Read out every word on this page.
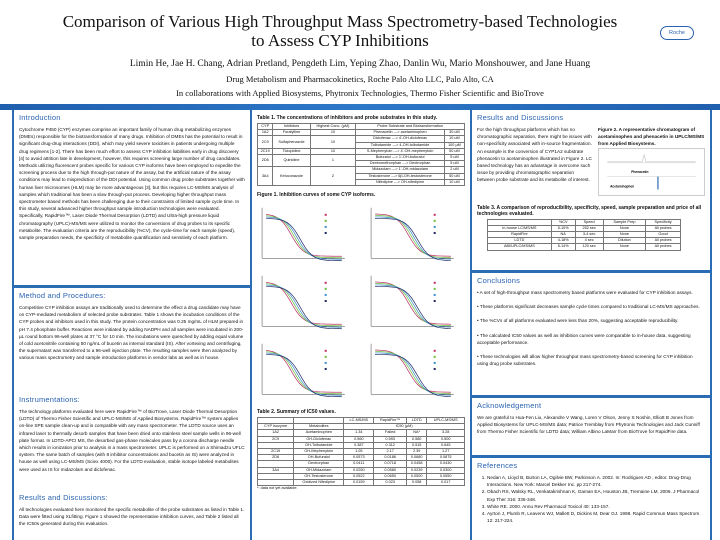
Comparison of Various High Throughput Mass Spectrometry-based Technologies to Assess CYP Inhibitions	Roche
Limin He, Jae H. Chang, Adrian Pretland, Pengdeth Lim, Yeping Zhao, Danlin Wu, Mario Monshouwer, and Jane Huang
Drug Metabolism and Pharmacokinetics, Roche Palo Alto LLC, Palo Alto, CA
In collaborations with Applied Biosystems, Phytronix Technologies, Thermo Fisher Scientific and BioTrove
Introduction

Cytochrome P450 (CYP) enzymes comprise an important family of human drug metabolizing enzymes (DMEs) responsible for the biotransformation of many drugs. Inhibition of DMEs has the potential to result in significant drug-drug interactions (DDI), which may yield severe toxicities in patients undergoing multiple drug regimens [1-2]. There has been much effort to assess CYP inhibition liabilities early in drug discovery [4] to avoid attrition late in development, however, this requires screening large number of drug candidates. Methods utilizing fluorescent probes specific for various CYP isoforms have been employed to expedite the screening process due to the high through-put nature of the assay, but the artificial nature of the assay conditions may lead to misprediction of the DDI potential. Using common drug probe substrates together with human liver microsomes (HLM) may be more advantageous [3], but this requires LC-MS/MS analysis of samples which traditional has been a slow through-put process. Developing higher throughput mass spectrometer based methods has been challenging due to their constraints of limited sample cycle time. In this study, several advanced higher throughput sample introduction technologies were evaluated. Specifically, RapidFire™, Laser Diode Thermal Desorption (LDTD) and Ultra-high pressure liquid chromatography (UPLC)-MS/MS were utilized to monitor the conversions of drug probes to its specific metabolite. The evaluation criteria are the reproducibility (%CV), the cycle-time for each sample (speed), sample preparation needs, the specificity of metabolite quantification and sensitivity of each platform.

Method and Procedures:

Competitive CYP inhibition assays are traditionally used to determine the effect a drug candidate may have on CYP-mediated metabolism of selected probe substrates. Table 1 shows the incubation conditions of the CYP probes and inhibitors used in this study. The protein concentration was 0.25 mg/mL of HLM prepared in pH 7.4 phosphate buffer. Reactions were initiated by adding NADPH and all samples were incubated in 200-µL round bottom 96-well plates at 37 °C for 10 min. The incubations were quenched by adding equal volume of cold acetonitrile containing 50 ng/mL of bucetin as internal standard (IS). After vortexing and centrifuging, the supernatant was transferred to a 96-well injection plate. The resulting samples were then analyzed by various mass spectrometry and sample introduction platforms in vendor labs as well as in house.

Instrumentations:

The technology platforms evaluated here were RapidFire™ of BioTrove, Laser Diode Thermal Desorption (LDTD) of Thermo Fisher Scientific and UPLC-MS/MS of Applied Biosystems. RapidFire™ system applies on-line SPE sample clean-up and is compatible with any mass spectrometer. The LDTD source uses an infrared laser to thermally desorb samples that have been dried onto stainless steel sample wells in 96-well plate format. In LDTD-APCI MS, the desorbed gas-phase molecules pass by a corona discharge needle which results in ionization prior to analysis in a mass spectrometer. UPLC is performed on a Shimadzu UFLC system. The same batch of samples (with 8 inhibitor concentrations and bucetin as IS) were analyzed in house as well using LC-MS/MS (Sciex 4000). For the LDTD evaluation, stable isotope labeled metabolites were used as IS for midazolam and diclofenac.

Results and Discussions:

All technologies evaluated here monitored the specific metabolite of the probe substrates as listed in Table 1. Data were fitted using XLfitting. Figure 1 showed the representative inhibition curves, and Table 2 listed all the IC50s generated during this evaluation.

Table 1. The concentrations of inhibitors and probe substrates in this study.
CYP	Inhibitors	Highest Conc. (µM)	Probe Substrate and Biotransformation	
1A2	Furafylline	10	Phenacetin ---> acetaminophen	30 uM
2C9	Sulfaphenazole	10	Diclofenac ---> 4'-OH-diclofenac	10 uM
			Tolbutamide ---> 4-OH-tolbutamide	100 µM
2C19	Ticlopidine	10	S-Mephenytoin ---> 4'-OH-mephenytoin	50 uM
2D6	Quinidine	1	Bufuralol ---> 1'-OH-bufuralol	5 uM
			Dextromethorphan ---> Dextrorphan	5 uM
3A4	Ketoconazole	2	Midazolam ---> 1'-OH-midazolam	2 uM
			Testosterone ---> 6β-OH-testosterone	50 uM
			Nifedipine ---> OH-nifedipine	10 uM
Figure 1. Inhibition curves of some CYP isoforms.
Table 2. Summary of IC50 values.
		LC-MS/MS	RapidFire™	LDTD	UPLC-MS/MS
CYP Isozyme	Metabolites	IC50 (µM)			
1A2	Acetaminophen	1.34	Failed	NA*	3.28
2C9	OH-Diclofenac	0.560	0.593	0.580	0.500
	OH-Tolbutamide	0.387	0.312	0.515	0.645
2C19	OH-Mephenytoin	1.05	2.17	2.39	1.27
2D6	OH-Bufuralol	0.0573	0.0186	0.0680	0.0875
	Dextrorphan	0.0411	0.0718	0.0458	0.0430
3A4	OH-Midazolam	0.0250	0.0580	0.0239	0.0300
	OH-Testosterone	0.0522	0.0650	0.0500	0.0550
	Oxidized Nifedipine	0.0159	0.023	0.058	0.017
*: data not yet available.
Results and Discussions

For the high throughput platforms which has no chromatographic separation, there might be issues with non-specificity associated with in-source fragmentation. An example is the conversion of CYP1A2 substrate phenacetin to acetaminophen illustrated in Figure 2. LC based technology has an advantage in overcome such issue by providing chromatographic separation between probe substrate and its metabolite of interest.

Figure 2. A representative chromatogram of acetaminophen and phenacetin in UPLC/MS/MS from Applied Biosystems.

Phenacetin
Acetaminophen
Table 3. A comparison of reproducibility, specificity, speed, sample preparation and price of all technologies evaluated.
	%CV	Speed	Sample Prep	Specificity
In-house LC/MS/MS	5-10%	252 sec	None	All probes
RapidFire	NA	3-4 sec	None	Good
LDTD	4-18%	4 sec	Dilution	All probes
ABI/UPLC/MS/MS	5-14%	120 sec	None	All probes
Conclusions
• A set of high-throughput mass spectrometry based platforms were evaluated for CYP inhibition assays.
• These platforms significant decreases sample cycle times compared to traditional LC-MS/MS approaches.
• The %CVs of all platforms evaluated were less than 20%, suggesting acceptable reproducibility.
• The calculated IC50 values as well as inhibition curves were comparable to in-house data, suggesting acceptable performance.
• These technologies will allow higher throughput mass spectrometry-based screening for CYP inhibition using drug probe substrates.
Acknowledgement

We are grateful to Hua-Fen Liu, Alexandre V Wang, Loren V Olson, Jenny S Noshin, Elliott B Jones from Applied Biosystems for UPLC-MS/MS data; Patrice Tremblay from Phytronix Technologies and Jack Cunniff from Thermo Fisher Scientific for LDTD data; William Albino LaMarr from BioTrove for RapidFire data.

References
1. Nedan A, Lloyd B, Burton LA, Ogilvie BW, Parkinson A. 2002. In: Rodrigues AD , editor. Drug-Drug Interactions. New York: Marcel Dekker Inc. pp 217-274.
2. Obach RS, Walsky RL, Venkatakrishnan K, Gaman EA, Houston JB, Tremaine LM. 2006. J Pharmacol Exp Ther 316: 336-348.
3. White RE. 2000. Annu Rev Pharmacol Toxicol 40: 133-157.
4. Ayrton J, Plumb R, Leavens WJ, Mallett D, Dickins M, Dear GJ. 1998. Rapid Commun Mass Spectrom 12: 217-224.
